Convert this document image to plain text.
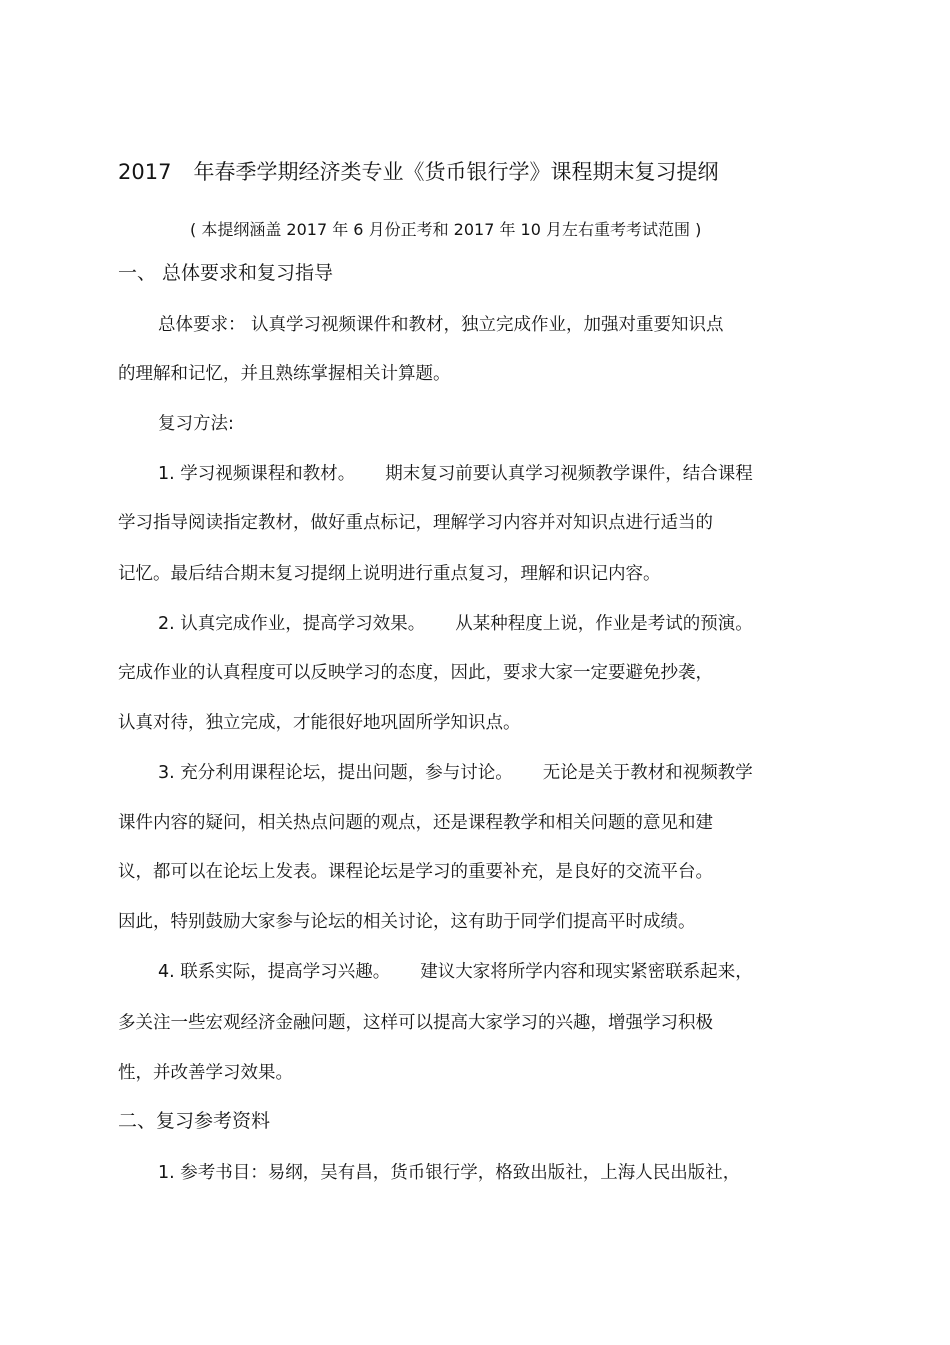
2017 年春季学期经济类专业《货币银行学》课程期末复习提纲
( 本提纲涵盖 2017 年 6 月份正考和 2017 年 10 月左右重考考试范围 )
一、 总体要求和复习指导
总体要求： 认真学习视频课件和教材，独立完成作业，加强对重要知识点
的理解和记忆，并且熟练掌握相关计算题。
复习方法:
1. 学习视频课程和教材。 期末复习前要认真学习视频教学课件，结合课程
学习指导阅读指定教材，做好重点标记，理解学习内容并对知识点进行适当的
记忆。最后结合期末复习提纲上说明进行重点复习，理解和识记内容。
2. 认真完成作业，提高学习效果。 从某种程度上说，作业是考试的预演。
完成作业的认真程度可以反映学习的态度，因此，要求大家一定要避免抄袭，
认真对待，独立完成，才能很好地巩固所学知识点。
3. 充分利用课程论坛，提出问题，参与讨论。 无论是关于教材和视频教学
课件内容的疑问，相关热点问题的观点，还是课程教学和相关问题的意见和建
议，都可以在论坛上发表。课程论坛是学习的重要补充，是良好的交流平台。
因此，特别鼓励大家参与论坛的相关讨论，这有助于同学们提高平时成绩。
4. 联系实际，提高学习兴趣。 建议大家将所学内容和现实紧密联系起来，
多关注一些宏观经济金融问题，这样可以提高大家学习的兴趣，增强学习积极
性，并改善学习效果。
二、复习参考资料
1. 参考书目：易纲，吴有昌，货币银行学，格致出版社，上海人民出版社，
